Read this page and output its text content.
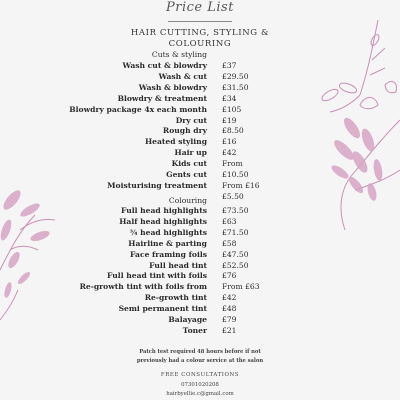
Price List
HAIR CUTTING, STYLING &
COLOURING
Cuts & styling
Colouring
Wash cut & blowdry £37
Wash & cut £29.50
Wash & blowdry £31.50
Blowdry & treatment £34
Blowdry package 4x each month £105
Dry cut £19
Rough dry £8.50
Heated styling £16
Hair up £42
Kids cut From
Gents cut £10.50
Moisturising treatment From £16
£5.50
Full head highlights £73.50
Half head highlights £63
¾ head highlights £71.50
Hairline & parting £58
Face framing foils £47.50
Full head tint £52.50
Full head tint with foils £76
Re-growth tint with foils from From £63
Re-growth tint £42
Semi permanent tint £48
Balayage £79
Toner £21
Patch test required 48 hours before if not
previously had a colour service at the salon
FREE CONSULTATIONS
07301020208
hairbyellie.c@gmail.com
